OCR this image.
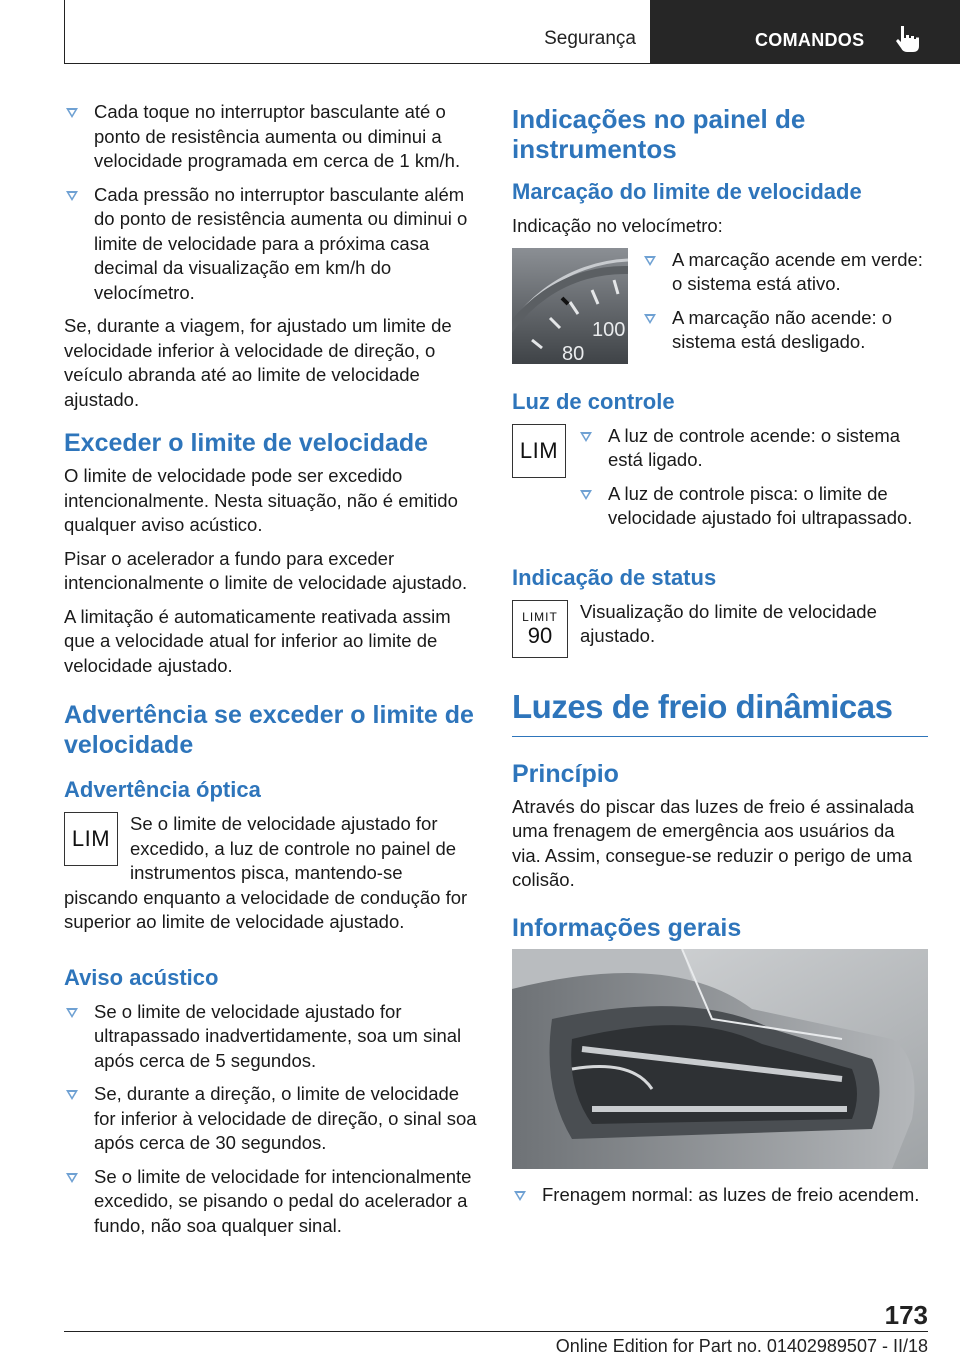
Segurança	COMANDOS
Cada toque no interruptor basculante até o ponto de resistência aumenta ou diminui a velocidade programada em cerca de 1 km/h.
Cada pressão no interruptor basculante além do ponto de resistência aumenta ou diminui o limite de velocidade para a próxima casa decimal da visualização em km/h do velocímetro.

Se, durante a viagem, for ajustado um limite de velocidade inferior à velocidade de direção, o veículo abranda até ao limite de velocidade ajustado.

Exceder o limite de velocidade

O limite de velocidade pode ser excedido intencionalmente. Nesta situação, não é emitido qualquer aviso acústico.

Pisar o acelerador a fundo para exceder intencionalmente o limite de velocidade ajustado.

A limitação é automaticamente reativada assim que a velocidade atual for inferior ao limite de velocidade ajustado.

Advertência se exceder o limite de velocidade
Advertência óptica
LIM

Se o limite de velocidade ajustado for excedido, a luz de controle no painel de instrumentos pisca, mantendo-se piscando enquanto a velocidade de condução for superior ao limite de velocidade ajustado.

Aviso acústico
Se o limite de velocidade ajustado for ultrapassado inadvertidamente, soa um sinal após cerca de 5 segundos.
Se, durante a direção, o limite de velocidade for inferior à velocidade de direção, o sinal soa após cerca de 30 segundos.
Se o limite de velocidade for intencionalmente excedido, se pisando o pedal do acelerador a fundo, não soa qualquer sinal.
Indicações no painel de instrumentos
Marcação do limite de velocidade

Indicação no velocímetro:

100
80
A marcação acende em verde: o sistema está ativo.
A marcação não acende: o sistema está desligado.
Luz de controle
LIM
A luz de controle acende: o sistema está ligado.
A luz de controle pisca: o limite de velocidade ajustado foi ultrapassado.
Indicação de status
LIMIT
90

Visualização do limite de velocidade ajustado.

Luzes de freio dinâmicas
Princípio

Através do piscar das luzes de freio é assinalada uma frenagem de emergência aos usuários da via. Assim, consegue-se reduzir o perigo de uma colisão.

Informações gerais
Frenagem normal: as luzes de freio acendem.
173
Online Edition for Part no. 01402989507 - II/18
